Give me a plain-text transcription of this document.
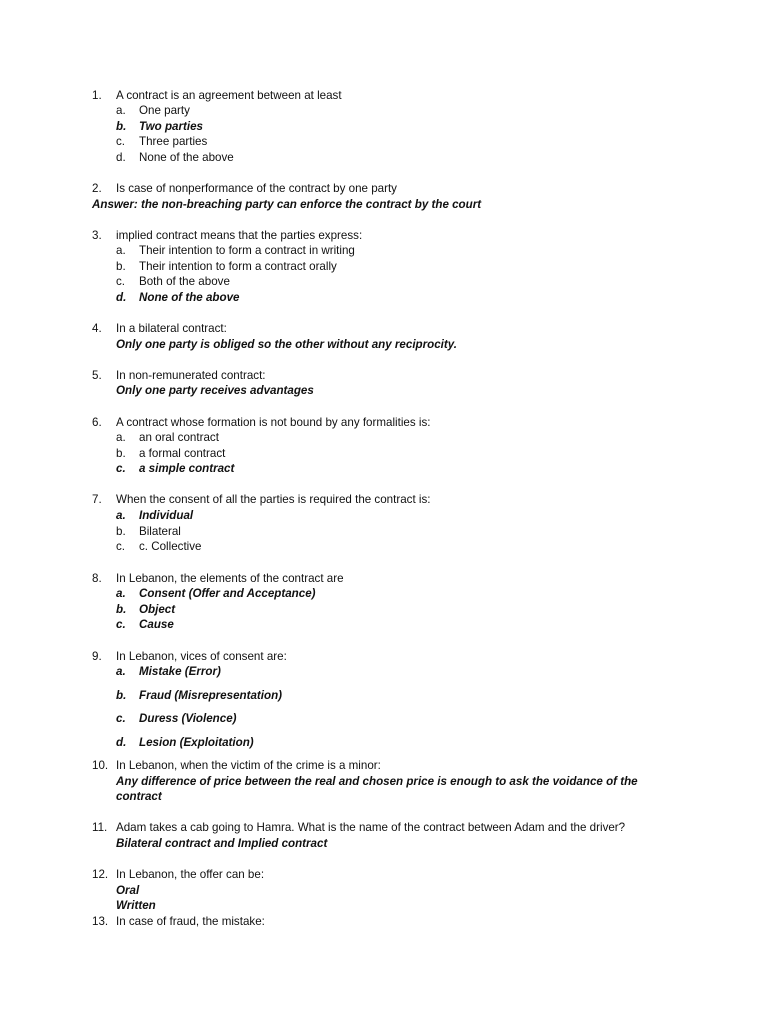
1. A contract is an agreement between at least
a. One party
b. Two parties
c. Three parties
d. None of the above
2. Is case of nonperformance of the contract by one party
Answer: the non-breaching party can enforce the contract by the court
3. implied contract means that the parties express:
a. Their intention to form a contract in writing
b. Their intention to form a contract orally
c. Both of the above
d. None of the above
4. In a bilateral contract:
Only one party is obliged so the other without any reciprocity.
5. In non-remunerated contract:
Only one party receives advantages
6. A contract whose formation is not bound by any formalities is:
a. an oral contract
b. a formal contract
c. a simple contract
7. When the consent of all the parties is required the contract is:
a. Individual
b. Bilateral
c. c. Collective
8. In Lebanon, the elements of the contract are
a. Consent (Offer and Acceptance)
b. Object
c. Cause
9. In Lebanon, vices of consent are:
a. Mistake (Error)
b. Fraud (Misrepresentation)
c. Duress (Violence)
d. Lesion (Exploitation)
10. In Lebanon, when the victim of the crime is a minor:
Any difference of price between the real and chosen price is enough to ask the voidance of the
contract
11. Adam takes a cab going to Hamra. What is the name of the contract between Adam and the driver?
Bilateral contract and Implied contract
12. In Lebanon, the offer can be:
Oral
Written
13. In case of fraud, the mistake:
